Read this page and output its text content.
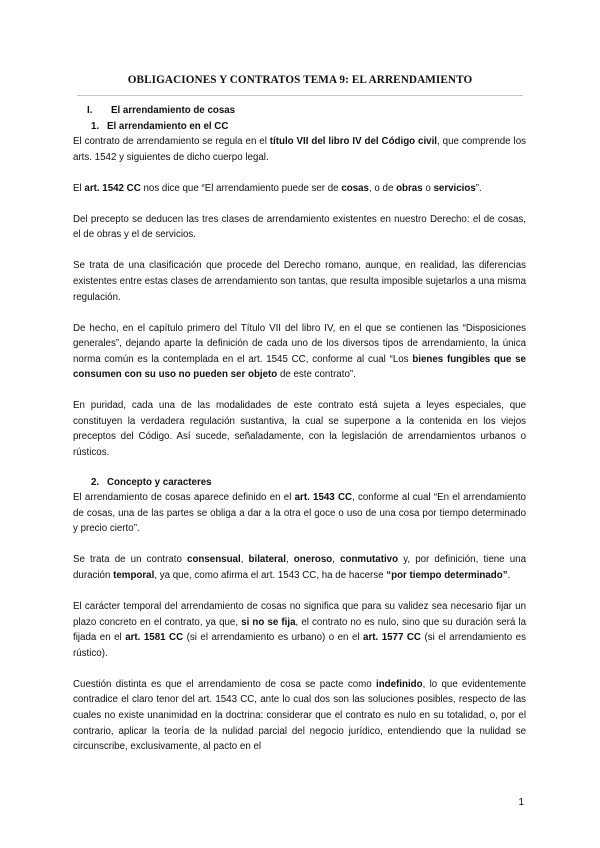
OBLIGACIONES Y CONTRATOS TEMA 9: EL ARRENDAMIENTO
I. El arrendamiento de cosas
1. El arrendamiento en el CC

El contrato de arrendamiento se regula en el título VII del libro IV del Código civil, que comprende los arts. 1542 y siguientes de dicho cuerpo legal.

El art. 1542 CC nos dice que “El arrendamiento puede ser de cosas, o de obras o servicios”.

Del precepto se deducen las tres clases de arrendamiento existentes en nuestro Derecho: el de cosas, el de obras y el de servicios.

Se trata de una clasificación que procede del Derecho romano, aunque, en realidad, las diferencias existentes entre estas clases de arrendamiento son tantas, que resulta imposible sujetarlos a una misma regulación.

De hecho, en el capítulo primero del Título VII del libro IV, en el que se contienen las “Disposiciones generales”, dejando aparte la definición de cada uno de los diversos tipos de arrendamiento, la única norma común es la contemplada en el art. 1545 CC, conforme al cual “Los bienes fungibles que se consumen con su uso no pueden ser objeto de este contrato”.

En puridad, cada una de las modalidades de este contrato está sujeta a leyes especiales, que constituyen la verdadera regulación sustantiva, la cual se superpone a la contenida en los viejos preceptos del Código. Así sucede, señaladamente, con la legislación de arrendamientos urbanos o rústicos.

2. Concepto y caracteres

El arrendamiento de cosas aparece definido en el art. 1543 CC, conforme al cual “En el arrendamiento de cosas, una de las partes se obliga a dar a la otra el goce o uso de una cosa por tiempo determinado y precio cierto”.

Se trata de un contrato consensual, bilateral, oneroso, conmutativo y, por definición, tiene una duración temporal, ya que, como afirma el art. 1543 CC, ha de hacerse “por tiempo determinado”.

El carácter temporal del arrendamiento de cosas no significa que para su validez sea necesario fijar un plazo concreto en el contrato, ya que, si no se fija, el contrato no es nulo, sino que su duración será la fijada en el art. 1581 CC (si el arrendamiento es urbano) o en el art. 1577 CC (si el arrendamiento es rústico).

Cuestión distinta es que el arrendamiento de cosa se pacte como indefinido, lo que evidentemente contradice el claro tenor del art. 1543 CC, ante lo cual dos son las soluciones posibles, respecto de las cuales no existe unanimidad en la doctrina: considerar que el contrato es nulo en su totalidad, o, por el contrario, aplicar la teoría de la nulidad parcial del negocio jurídico, entendiendo que la nulidad se circunscribe, exclusivamente, al pacto en el

1
